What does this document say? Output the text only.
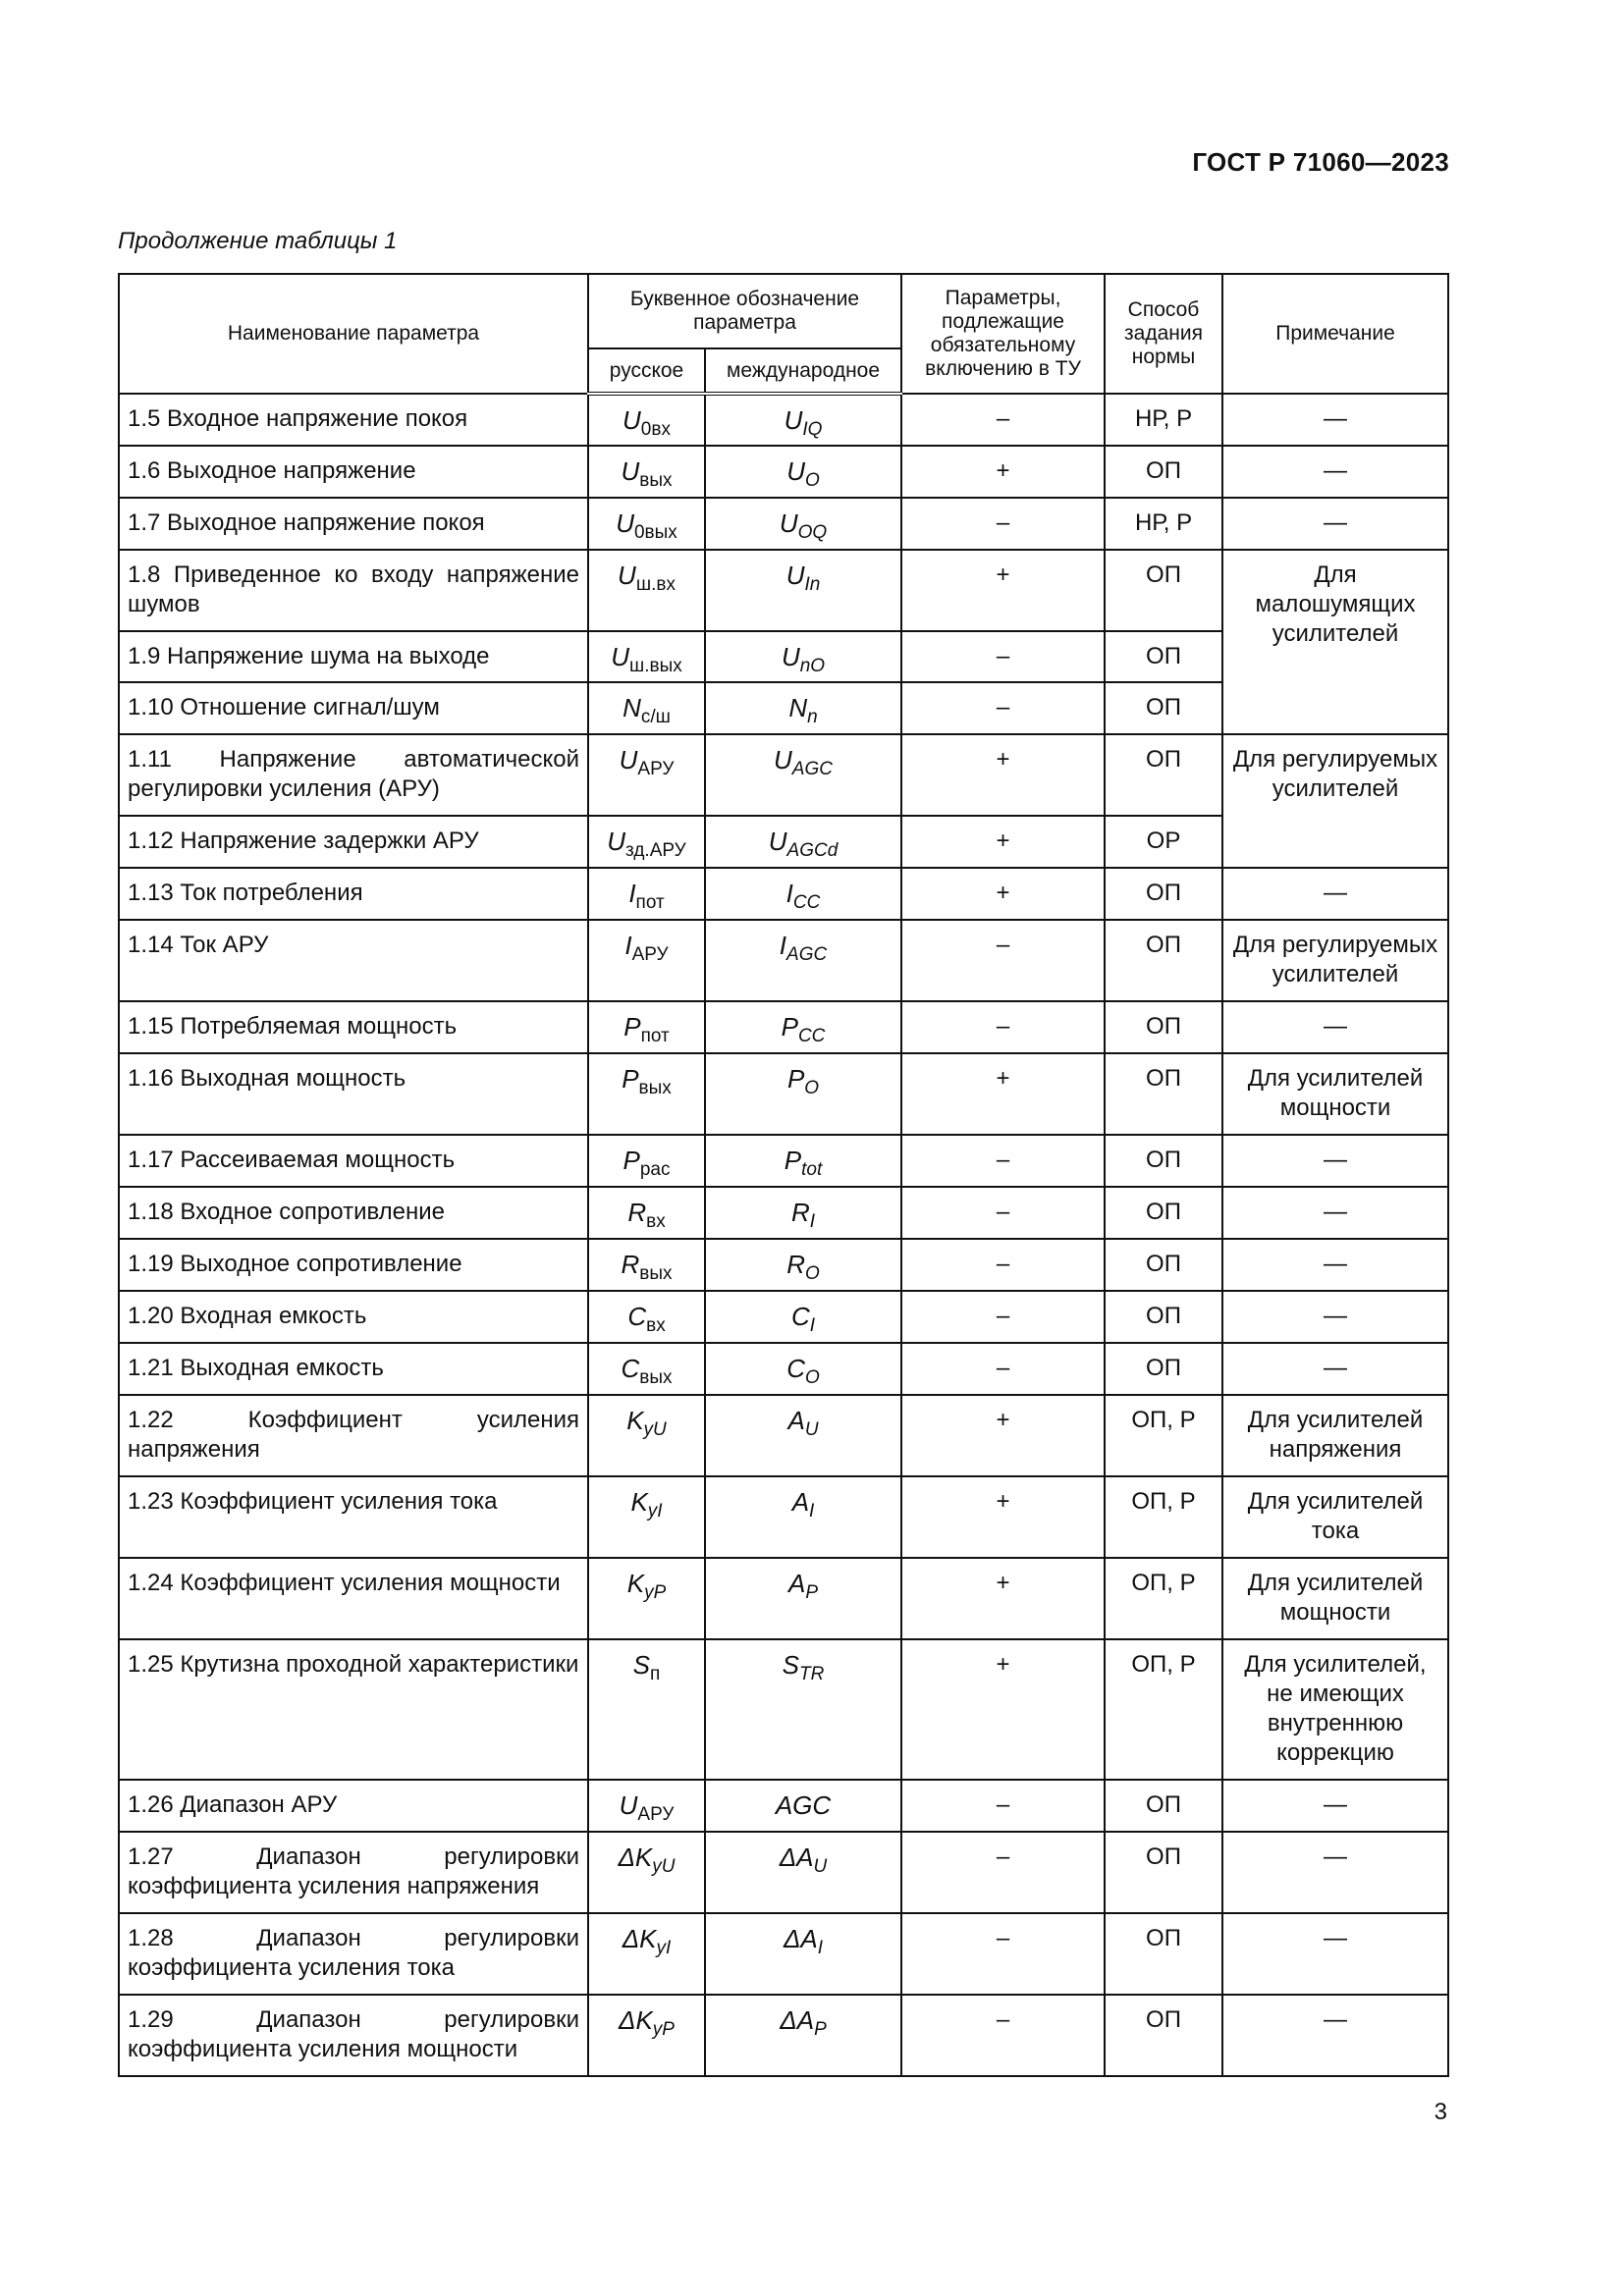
ГОСТ Р 71060—2023
Продолжение таблицы 1
Наименование параметра	Буквенное обозначение параметра		Параметры, подлежащие обязательному включению в ТУ	Способ задания нормы	Примечание
	русское	международное			
1.5 Входное напряжение покоя	$U_{0вх}$	$U_{IQ}$	–	НР, Р	—
1.6 Выходное напряжение	$U_{вых}$	$U_O$	+	ОП	—
1.7 Выходное напряжение покоя	$U_{0вых}$	$U_{OQ}$	–	НР, Р	—
1.8 Приведенное ко входу напряжение шумов	$U_{ш.вх}$	$U_{In}$	+	ОП	Для малошумящих усилителей
1.9 Напряжение шума на выходе	$U_{ш.вых}$	$U_{nO}$	–	ОП	
1.10 Отношение сигнал/шум	$N_{с/ш}$	$N_n$	–	ОП	
1.11 Напряжение автоматической регулировки усиления (АРУ)	$U_{АРУ}$	$U_{AGC}$	+	ОП	Для регулируемых усилителей
1.12 Напряжение задержки АРУ	$U_{зд.АРУ}$	$U_{AGCd}$	+	ОР	
1.13 Ток потребления	$I_{пот}$	$I_{CC}$	+	ОП	—
1.14 Ток АРУ	$I_{АРУ}$	$I_{AGC}$	–	ОП	Для регулируемых усилителей
1.15 Потребляемая мощность	$P_{пот}$	$P_{CC}$	–	ОП	—
1.16 Выходная мощность	$P_{вых}$	$P_O$	+	ОП	Для усилителей мощности
1.17 Рассеиваемая мощность	$P_{рас}$	$P_{tot}$	–	ОП	—
1.18 Входное сопротивление	$R_{вх}$	$R_I$	–	ОП	—
1.19 Выходное сопротивление	$R_{вых}$	$R_O$	–	ОП	—
1.20 Входная емкость	$C_{вх}$	$C_I$	–	ОП	—
1.21 Выходная емкость	$C_{вых}$	$C_O$	–	ОП	—
1.22 Коэффициент усиления напряжения	$K_{yU}$	$A_U$	+	ОП, Р	Для усилителей напряжения
1.23 Коэффициент усиления тока	$K_{yI}$	$A_I$	+	ОП, Р	Для усилителей тока
1.24 Коэффициент усиления мощности	$K_{yP}$	$A_P$	+	ОП, Р	Для усилителей мощности
1.25 Крутизна проходной характеристики	$S_п$	$S_{TR}$	+	ОП, Р	Для усилителей, не имеющих внутреннюю коррекцию
1.26 Диапазон АРУ	$U_{АРУ}$	AGC	–	ОП	—
1.27 Диапазон регулировки коэффициента усиления напряжения	$\Delta K_{yU}$	$\Delta A_U$	–	ОП	—
1.28 Диапазон регулировки коэффициента усиления тока	$\Delta K_{yI}$	$\Delta A_I$	–	ОП	—
1.29 Диапазон регулировки коэффициента усиления мощности	$\Delta K_{yP}$	$\Delta A_P$	–	ОП	—
3
